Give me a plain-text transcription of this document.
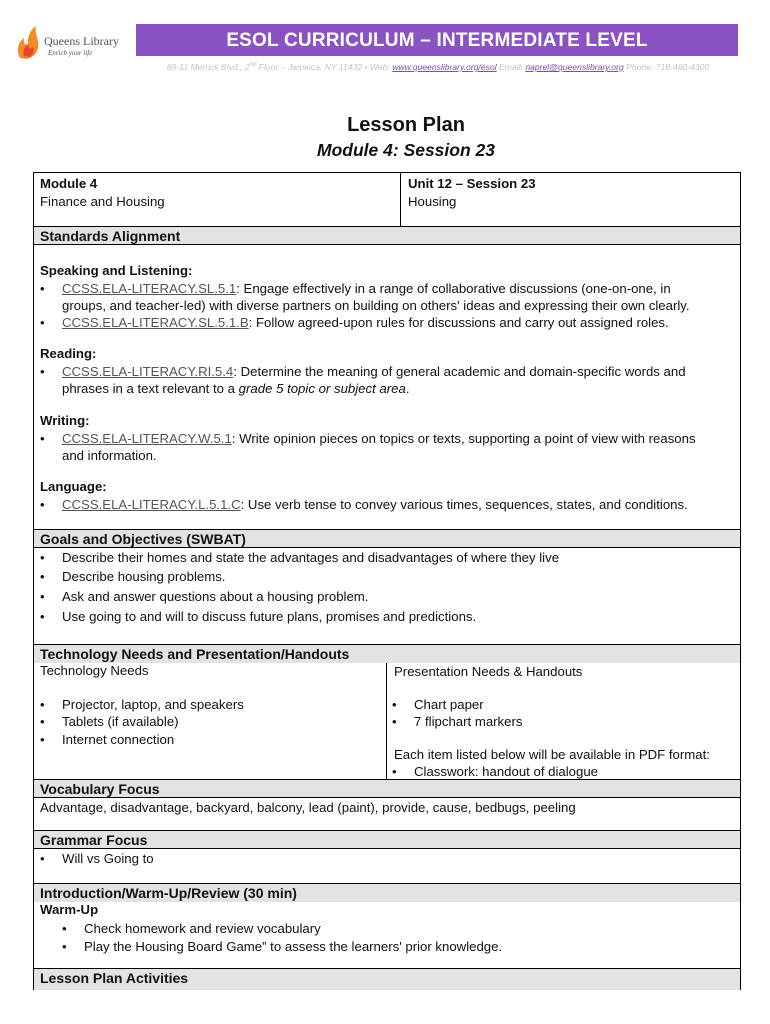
Queens Library
Enrich your life
ESOL CURRICULUM – INTERMEDIATE LEVEL
89-11 Merrick Blvd., 2nd Floor – Jamaica, NY 11432 • Web: www.queenslibrary.org/esol Email: naprel@queenslibrary.org Phone: 718-480-4300
Lesson Plan
Module 4: Session 23
Module 4
Finance and Housing
Unit 12 – Session 23
Housing
Standards Alignment
Speaking and Listening:
• CCSS.ELA-LITERACY.SL.5.1: Engage effectively in a range of collaborative discussions (one-on-one, in
groups, and teacher-led) with diverse partners on building on others' ideas and expressing their own clearly.
• CCSS.ELA-LITERACY.SL.5.1.B: Follow agreed-upon rules for discussions and carry out assigned roles.
Reading:
• CCSS.ELA-LITERACY.RI.5.4: Determine the meaning of general academic and domain-specific words and
phrases in a text relevant to a grade 5 topic or subject area.
Writing:
• CCSS.ELA-LITERACY.W.5.1: Write opinion pieces on topics or texts, supporting a point of view with reasons
and information.
Language:
• CCSS.ELA-LITERACY.L.5.1.C: Use verb tense to convey various times, sequences, states, and conditions.
Goals and Objectives (SWBAT)
• Describe their homes and state the advantages and disadvantages of where they live
• Describe housing problems.
• Ask and answer questions about a housing problem.
• Use going to and will to discuss future plans, promises and predictions.
Technology Needs and Presentation/Handouts
Technology Needs
• Projector, laptop, and speakers
• Tablets (if available)
• Internet connection
Presentation Needs & Handouts
• Chart paper
• 7 flipchart markers
Each item listed below will be available in PDF format:
• Classwork: handout of dialogue
Vocabulary Focus
Advantage, disadvantage, backyard, balcony, lead (paint), provide, cause, bedbugs, peeling
Grammar Focus
• Will vs Going to
Introduction/Warm-Up/Review (30 min)
Warm-Up
• Check homework and review vocabulary
• Play the Housing Board Game” to assess the learners' prior knowledge.
Lesson Plan Activities
